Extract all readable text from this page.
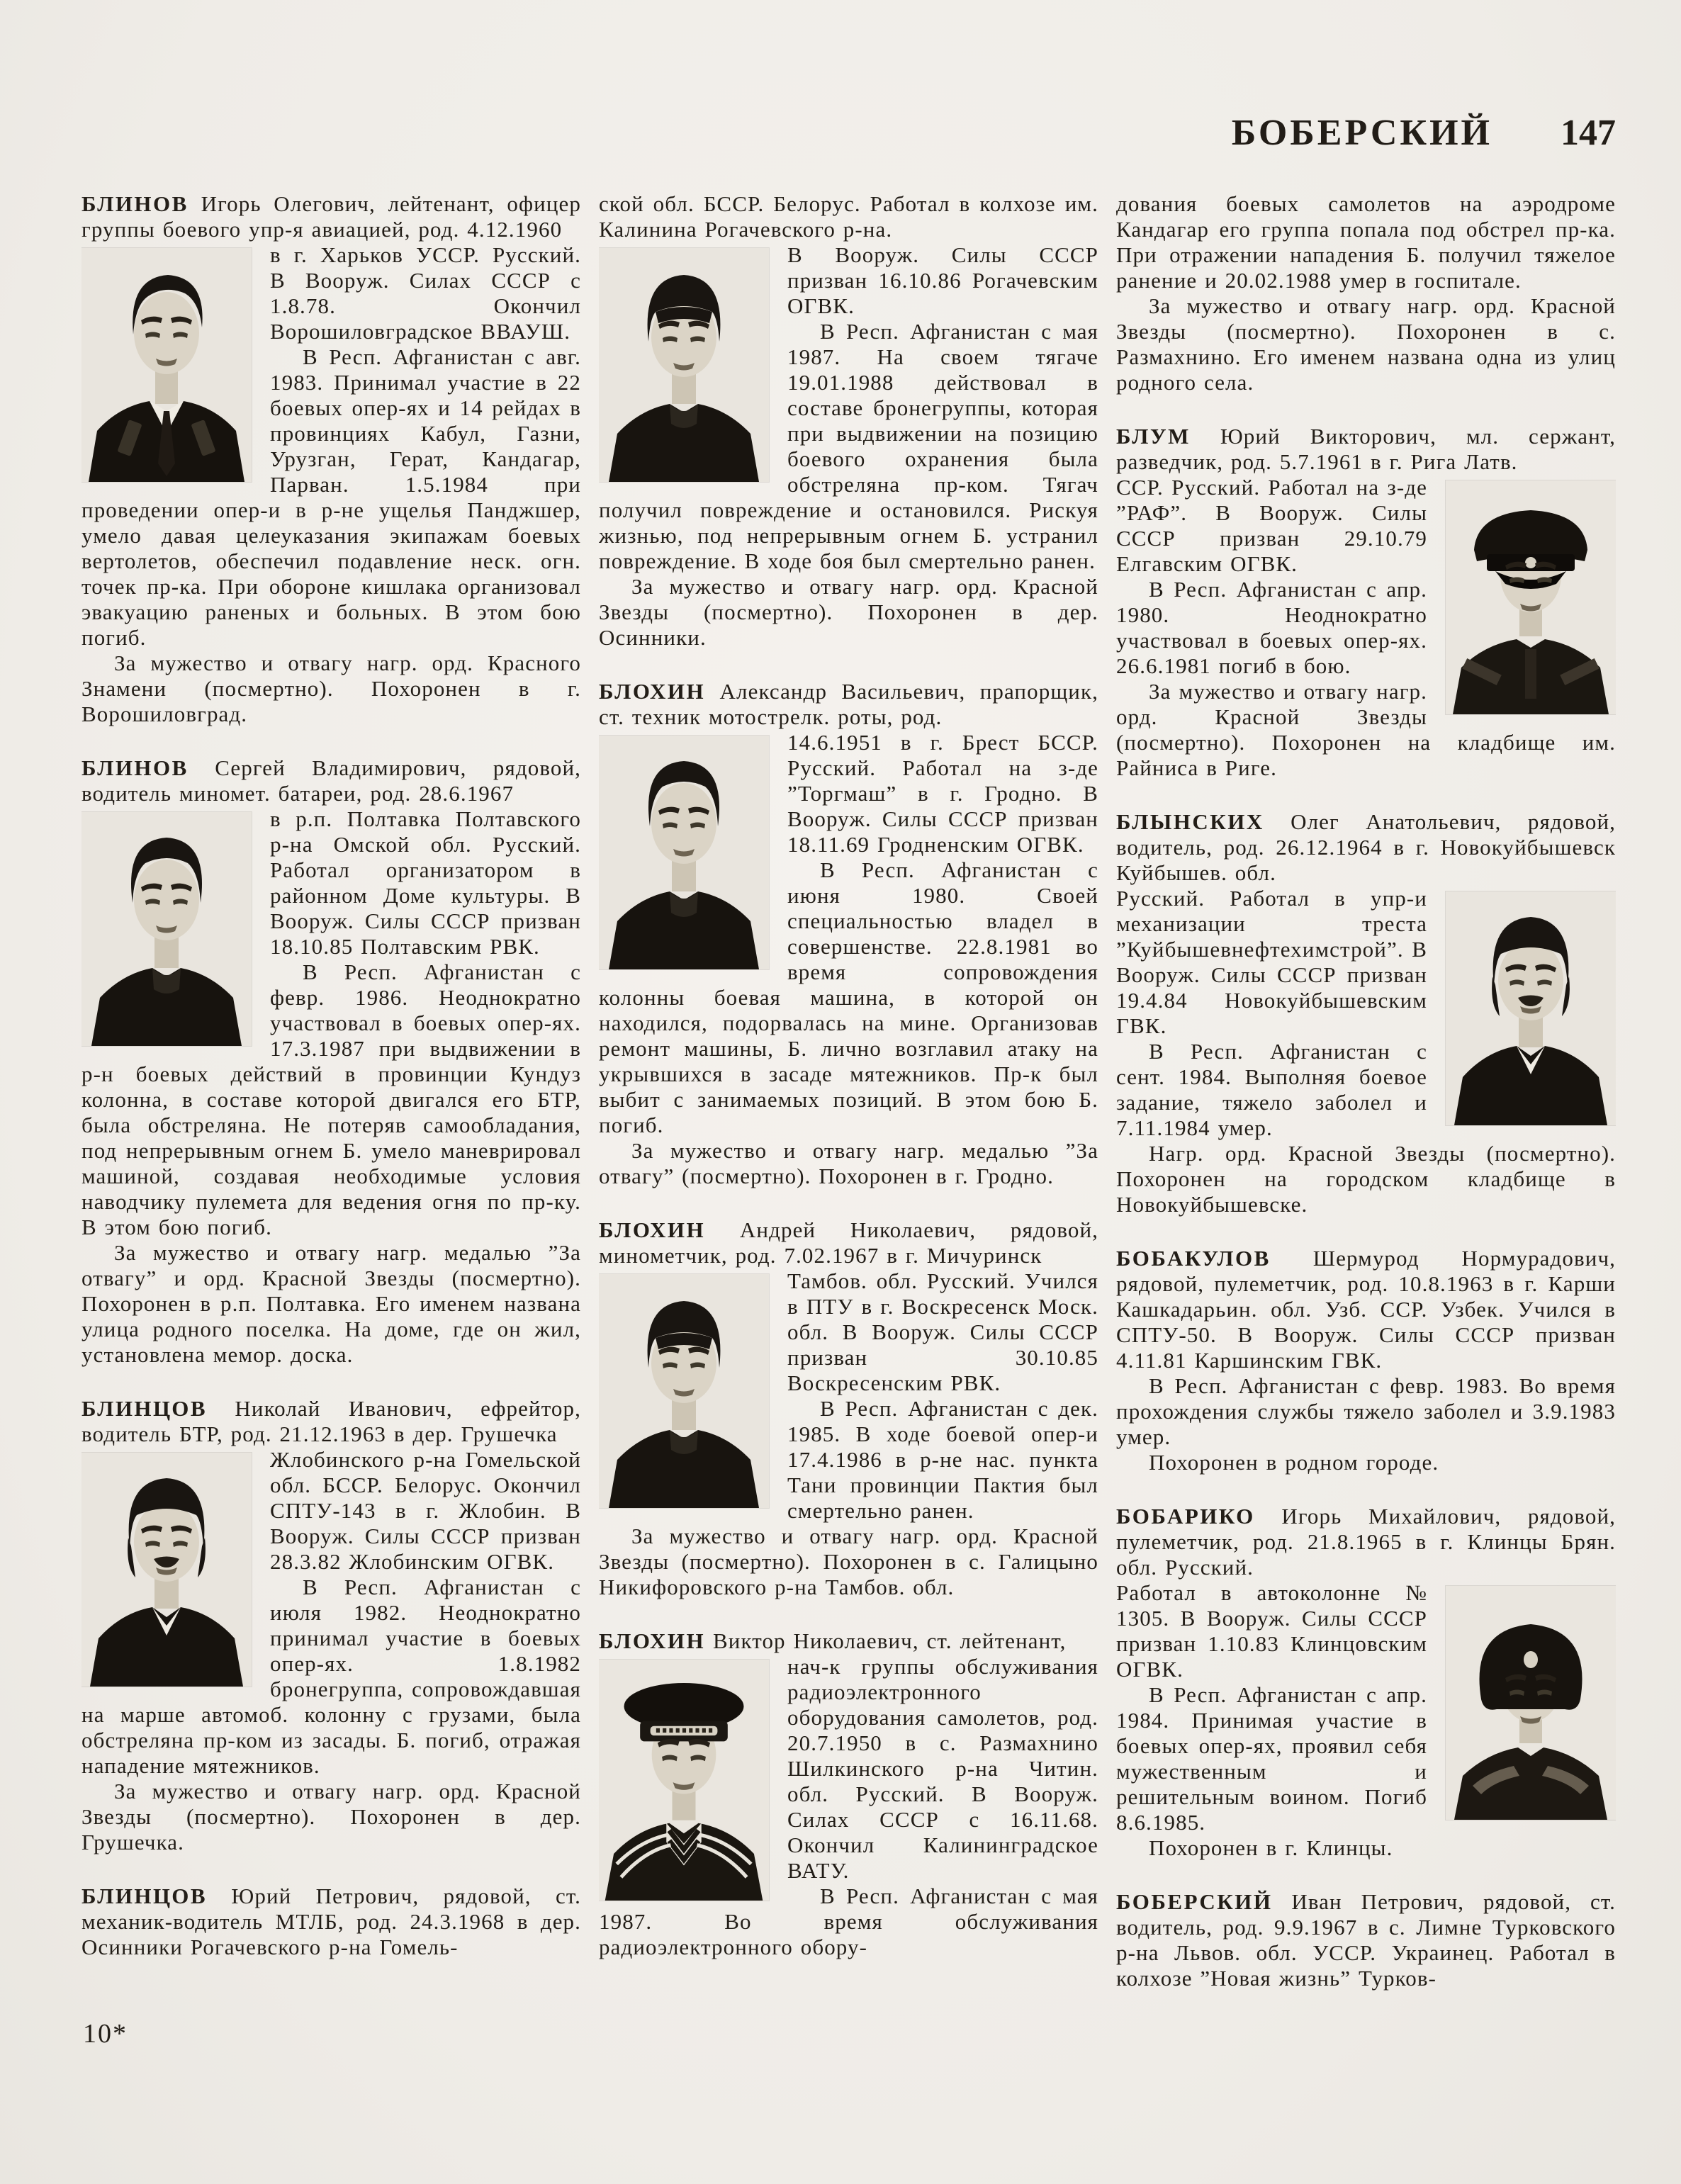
БОБЕРСКИЙ 147

БЛИНОВ Игорь Олегович, лейтенант, офицер группы боевого упр-я авиацией, род. 4.12.1960

в г. Харьков УССР. Русский. В Вооруж. Силах СССР с 1.8.78. Окончил Ворошиловградское ВВАУШ.

В Респ. Афганистан с авг. 1983. Принимал участие в 22 боевых опер-ях и 14 рейдах в провинциях Кабул, Газни, Урузган, Герат, Кандагар, Парван. 1.5.1984 при проведении опер-и в р-не ущелья Панджшер, умело давая целеуказания экипажам боевых вертолетов, обеспечил подавление неск. огн. точек пр-ка. При обороне кишлака организовал эвакуацию раненых и больных. В этом бою погиб.

За мужество и отвагу нагр. орд. Красного Знамени (посмертно). Похоронен в г. Ворошиловград.

БЛИНОВ Сергей Владимирович, рядовой, водитель миномет. батареи, род. 28.6.1967

в р.п. Полтавка Полтавского р-на Омской обл. Русский. Работал организатором в районном Доме культуры. В Вооруж. Силы СССР призван 18.10.85 Полтавским РВК.

В Респ. Афганистан с февр. 1986. Неоднократно участвовал в боевых опер-ях. 17.3.1987 при выдвижении в р-н боевых действий в провинции Кундуз колонна, в составе которой двигался его БТР, была обстреляна. Не потеряв самообладания, под непрерывным огнем Б. умело маневрировал машиной, создавая необходимые условия наводчику пулемета для ведения огня по пр-ку. В этом бою погиб.

За мужество и отвагу нагр. медалью ”За отвагу” и орд. Красной Звезды (посмертно). Похоронен в р.п. Полтавка. Его именем названа улица родного поселка. На доме, где он жил, установлена мемор. доска.

БЛИНЦОВ Николай Иванович, ефрейтор, водитель БТР, род. 21.12.1963 в дер. Грушечка

Жлобинского р-на Гомельской обл. БССР. Белорус. Окончил СПТУ-143 в г. Жлобин. В Вооруж. Силы СССР призван 28.3.82 Жлобинским ОГВК.

В Респ. Афганистан с июля 1982. Неоднократно принимал участие в боевых опер-ях. 1.8.1982 бронегруппа, сопровождавшая на марше автомоб. колонну с грузами, была обстреляна пр-ком из засады. Б. погиб, отражая нападение мятежников.

За мужество и отвагу нагр. орд. Красной Звезды (посмертно). Похоронен в дер. Грушечка.

БЛИНЦОВ Юрий Петрович, рядовой, ст. механик-водитель МТЛБ, род. 24.3.1968 в дер. Осинники Рогачевского р-на Гомель-

ской обл. БССР. Белорус. Работал в колхозе им. Калинина Рогачевского р-на.

В Вооруж. Силы СССР призван 16.10.86 Рогачевским ОГВК.

В Респ. Афганистан с мая 1987. На своем тягаче 19.01.1988 действовал в составе бронегруппы, которая при выдвижении на позицию боевого охранения была обстреляна пр-ком. Тягач получил повреждение и остановился. Рискуя жизнью, под непрерывным огнем Б. устранил повреждение. В ходе боя был смертельно ранен.

За мужество и отвагу нагр. орд. Красной Звезды (посмертно). Похоронен в дер. Осинники.

БЛОХИН Александр Васильевич, прапорщик, ст. техник мотострелк. роты, род.

14.6.1951 в г. Брест БССР. Русский. Работал на з-де ”Торгмаш” в г. Гродно. В Вооруж. Силы СССР призван 18.11.69 Гродненским ОГВК.

В Респ. Афганистан с июня 1980. Своей специальностью владел в совершенстве. 22.8.1981 во время сопровождения колонны боевая машина, в которой он находился, подорвалась на мине. Организовав ремонт машины, Б. лично возглавил атаку на укрывшихся в засаде мятежников. Пр-к был выбит с занимаемых позиций. В этом бою Б. погиб.

За мужество и отвагу нагр. медалью ”За отвагу” (посмертно). Похоронен в г. Гродно.

БЛОХИН Андрей Николаевич, рядовой, минометчик, род. 7.02.1967 в г. Мичуринск

Тамбов. обл. Русский. Учился в ПТУ в г. Воскресенск Моск. обл. В Вооруж. Силы СССР призван 30.10.85 Воскресенским РВК.

В Респ. Афганистан с дек. 1985. В ходе боевой опер-и 17.4.1986 в р-не нас. пункта Тани провинции Пактия был смертельно ранен.

За мужество и отвагу нагр. орд. Красной Звезды (посмертно). Похоронен в с. Галицыно Никифоровского р-на Тамбов. обл.

БЛОХИН Виктор Николаевич, ст. лейтенант,

нач-к группы обслуживания радиоэлектронного оборудования самолетов, род. 20.7.1950 в с. Размахнино Шилкинского р-на Читин. обл. Русский. В Вооруж. Силах СССР с 16.11.68. Окончил Калининградское ВАТУ.

В Респ. Афганистан с мая 1987. Во время обслуживания радиоэлектронного обору-

дования боевых самолетов на аэродроме Кандагар его группа попала под обстрел пр-ка. При отражении нападения Б. получил тяжелое ранение и 20.02.1988 умер в госпитале.

За мужество и отвагу нагр. орд. Красной Звезды (посмертно). Похоронен в с. Размахнино. Его именем названа одна из улиц родного села.

БЛУМ Юрий Викторович, мл. сержант, разведчик, род. 5.7.1961 в г. Рига Латв.

ССР. Русский. Работал на з-де ”РАФ”. В Вооруж. Силы СССР призван 29.10.79 Елгавским ОГВК.

В Респ. Афганистан с апр. 1980. Неоднократно участвовал в боевых опер-ях. 26.6.1981 погиб в бою.

За мужество и отвагу нагр. орд. Красной Звезды (посмертно). Похоронен на кладбище им. Райниса в Риге.

БЛЫНСКИХ Олег Анатольевич, рядовой, водитель, род. 26.12.1964 в г. Новокуйбышевск Куйбышев. обл.

Русский. Работал в упр-и механизации треста ”Куйбышевнефтехимстрой”. В Вооруж. Силы СССР призван 19.4.84 Новокуйбышевским ГВК.

В Респ. Афганистан с сент. 1984. Выполняя боевое задание, тяжело заболел и 7.11.1984 умер.

Нагр. орд. Красной Звезды (посмертно). Похоронен на городском кладбище в Новокуйбышевске.

БОБАКУЛОВ Шермурод Нормурадович, рядовой, пулеметчик, род. 10.8.1963 в г. Карши Кашкадарьин. обл. Узб. ССР. Узбек. Учился в СПТУ-50. В Вооруж. Силы СССР призван 4.11.81 Каршинским ГВК.

В Респ. Афганистан с февр. 1983. Во время прохождения службы тяжело заболел и 3.9.1983 умер.

Похоронен в родном городе.

БОБАРИКО Игорь Михайлович, рядовой, пулеметчик, род. 21.8.1965 в г. Клинцы Брян. обл. Русский.

Работал в автоколонне № 1305. В Вооруж. Силы СССР призван 1.10.83 Клинцовским ОГВК.

В Респ. Афганистан с апр. 1984. Принимая участие в боевых опер-ях, проявил себя мужественным и решительным воином. Погиб 8.6.1985.

Похоронен в г. Клинцы.

БОБЕРСКИЙ Иван Петрович, рядовой, ст. водитель, род. 9.9.1967 в с. Лимне Турковского р-на Львов. обл. УССР. Украинец. Работал в колхозе ”Новая жизнь” Турков-

10*
